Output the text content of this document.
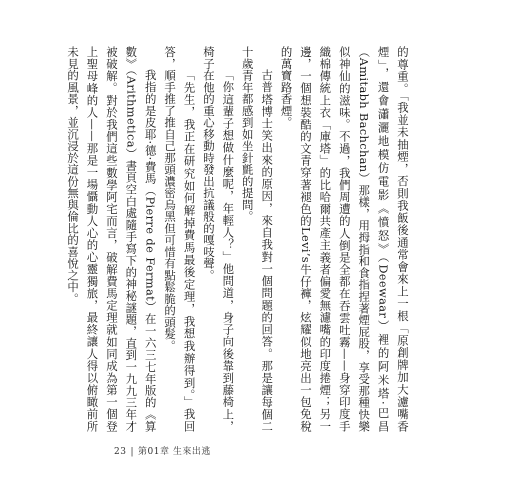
的尊重。「我並未抽煙，否則我飯後通常會來上一根「原創牌加大濾嘴香煙」，還會瀟灑地模仿電影《憤怒》（Deewaar）裡的阿米塔·巴昌（Amitabh Bachchan）那樣，用拇指和食指捏著煙屁股，享受那種快樂似神仙的滋味。不過，我們周遭的人倒是全都在吞雲吐霧——身穿印度手織棉傳統上衣「庫塔」的比哈爾共產主義者偏愛無濾嘴的印度捲煙；另一邊，一個想裝酷的文青穿著褪色的Levi’s牛仔褲，炫耀似地亮出一包免稅的萬寶路香煙。

古普塔博士笑出來的原因，來自我對一個問題的回答。那是讓每個二十歲青年都感到如坐針氈的提問。

「你這輩子想做什麼呢，年輕人？」他問道，身子向後靠到藤椅上，椅子在他的重心移動時發出抗議般的嘎吱聲。

「先生，我正在研究如何解掉費馬最後定理，我想我辦得到。」我回答，順手推了推自己那頭濃密烏黑但可惜有點鬆脆的頭髮。

我指的是皮耶·德·費馬（Pierre de Fermat）在一六三七年版的《算數》（Arithmetica）書頁空白處隨手寫下的神秘謎題，直到一九九三年才被破解。對於我們這些數學阿宅而言，破解費馬定理就如同成為第一個登上聖母峰的人——那是一場懾動人心的心靈獨旅，最終讓人得以俯瞰前所未見的風景，並沉浸於這份無與倫比的喜悅之中。

23 | 第01章 生來出逃
